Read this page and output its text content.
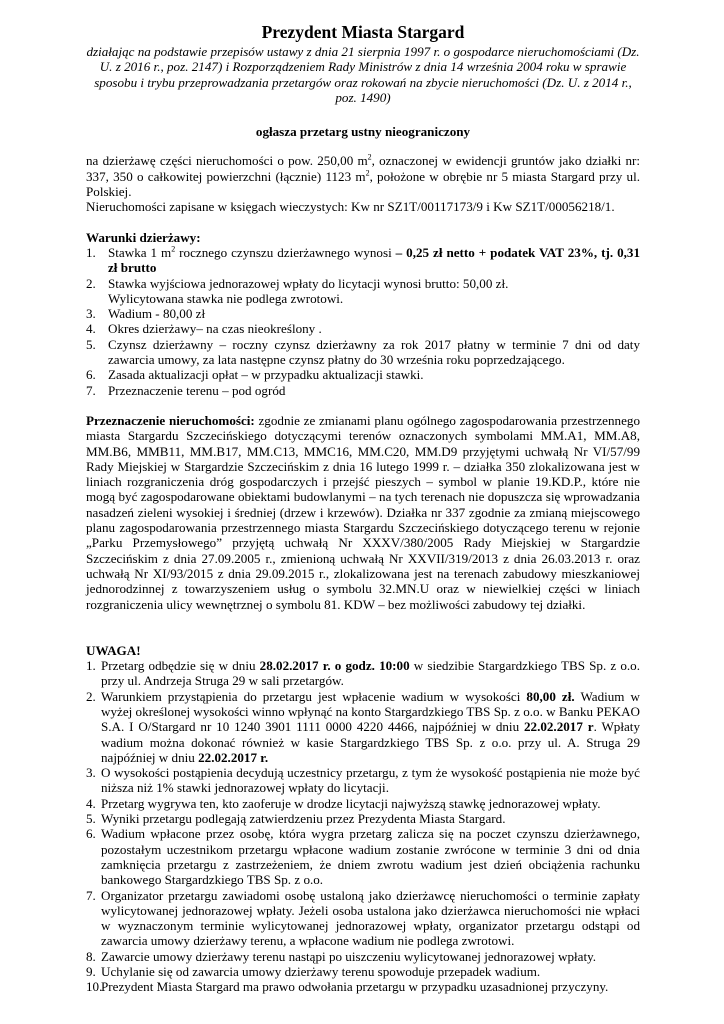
Prezydent Miasta Stargard

działając na podstawie przepisów ustawy z dnia 21 sierpnia 1997 r. o gospodarce nieruchomościami (Dz. U. z 2016 r., poz. 2147) i Rozporządzeniem Rady Ministrów z dnia 14 września 2004 roku w sprawie sposobu i trybu przeprowadzania przetargów oraz rokowań na zbycie nieruchomości (Dz. U. z 2014 r., poz. 1490)

ogłasza przetarg ustny nieograniczony

na dzierżawę części nieruchomości o pow. 250,00 $m^2$, oznaczonej w ewidencji gruntów jako działki nr: 337, 350 o całkowitej powierzchni (łącznie) 1123 $m^2$, położone w obrębie nr 5 miasta Stargard przy ul. Polskiej.

Nieruchomości zapisane w księgach wieczystych: Kw nr SZ1T/00117173/9 i Kw SZ1T/00056218/1.

Warunki dzierżawy:
1. Stawka 1 $m^2$ rocznego czynszu dzierżawnego wynosi – 0,25 zł netto + podatek VAT 23%, tj. 0,31 zł brutto
2. Stawka wyjściowa jednorazowej wpłaty do licytacji wynosi brutto: 50,00 zł.
Wylicytowana stawka nie podlega zwrotowi.
3. Wadium - 80,00 zł
4. Okres dzierżawy– na czas nieokreślony .
5. Czynsz dzierżawny – roczny czynsz dzierżawny za rok 2017 płatny w terminie 7 dni od daty zawarcia umowy, za lata następne czynsz płatny do 30 września roku poprzedzającego.
6. Zasada aktualizacji opłat – w przypadku aktualizacji stawki.
7. Przeznaczenie terenu – pod ogród

Przeznaczenie nieruchomości: zgodnie ze zmianami planu ogólnego zagospodarowania przestrzennego miasta Stargardu Szczecińskiego dotyczącymi terenów oznaczonych symbolami MM.A1, MM.A8, MM.B6, MMB11, MM.B17, MM.C13, MMC16, MM.C20, MM.D9 przyjętymi uchwałą Nr VI/57/99 Rady Miejskiej w Stargardzie Szczecińskim z dnia 16 lutego 1999 r. – działka 350 zlokalizowana jest w liniach rozgraniczenia dróg gospodarczych i przejść pieszych – symbol w planie 19.KD.P., które nie mogą być zagospodarowane obiektami budowlanymi – na tych terenach nie dopuszcza się wprowadzania nasadzeń zieleni wysokiej i średniej (drzew i krzewów). Działka nr 337 zgodnie za zmianą miejscowego planu zagospodarowania przestrzennego miasta Stargardu Szczecińskiego dotyczącego terenu w rejonie „Parku Przemysłowego” przyjętą uchwałą Nr XXXV/380/2005 Rady Miejskiej w Stargardzie Szczecińskim z dnia 27.09.2005 r., zmienioną uchwałą Nr XXVII/319/2013 z dnia 26.03.2013 r. oraz uchwałą Nr XI/93/2015 z dnia 29.09.2015 r., zlokalizowana jest na terenach zabudowy mieszkaniowej jednorodzinnej z towarzyszeniem usług o symbolu 32.MN.U oraz w niewielkiej części w liniach rozgraniczenia ulicy wewnętrznej o symbolu 81. KDW – bez możliwości zabudowy tej działki.

UWAGA!
1. Przetarg odbędzie się w dniu 28.02.2017 r. o godz. 10:00 w siedzibie Stargardzkiego TBS Sp. z o.o. przy ul. Andrzeja Struga 29 w sali przetargów.
2. Warunkiem przystąpienia do przetargu jest wpłacenie wadium w wysokości 80,00 zł. Wadium w wyżej określonej wysokości winno wpłynąć na konto Stargardzkiego TBS Sp. z o.o. w Banku PEKAO S.A. I O/Stargard nr 10 1240 3901 1111 0000 4220 4466, najpóźniej w dniu 22.02.2017 r. Wpłaty wadium można dokonać również w kasie Stargardzkiego TBS Sp. z o.o. przy ul. A. Struga 29 najpóźniej w dniu 22.02.2017 r.
3. O wysokości postąpienia decydują uczestnicy przetargu, z tym że wysokość postąpienia nie może być niższa niż 1% stawki jednorazowej wpłaty do licytacji.
4. Przetarg wygrywa ten, kto zaoferuje w drodze licytacji najwyższą stawkę jednorazowej wpłaty.
5. Wyniki przetargu podlegają zatwierdzeniu przez Prezydenta Miasta Stargard.
6. Wadium wpłacone przez osobę, która wygra przetarg zalicza się na poczet czynszu dzierżawnego, pozostałym uczestnikom przetargu wpłacone wadium zostanie zwrócone w terminie 3 dni od dnia zamknięcia przetargu z zastrzeżeniem, że dniem zwrotu wadium jest dzień obciążenia rachunku bankowego Stargardzkiego TBS Sp. z o.o.
7. Organizator przetargu zawiadomi osobę ustaloną jako dzierżawcę nieruchomości o terminie zapłaty wylicytowanej jednorazowej wpłaty. Jeżeli osoba ustalona jako dzierżawca nieruchomości nie wpłaci w wyznaczonym terminie wylicytowanej jednorazowej wpłaty, organizator przetargu odstąpi od zawarcia umowy dzierżawy terenu, a wpłacone wadium nie podlega zwrotowi.
8. Zawarcie umowy dzierżawy terenu nastąpi po uiszczeniu wylicytowanej jednorazowej wpłaty.
9. Uchylanie się od zawarcia umowy dzierżawy terenu spowoduje przepadek wadium.
10.
Prezydent Miasta Stargard ma prawo odwołania przetargu w przypadku uzasadnionej przyczyny.
